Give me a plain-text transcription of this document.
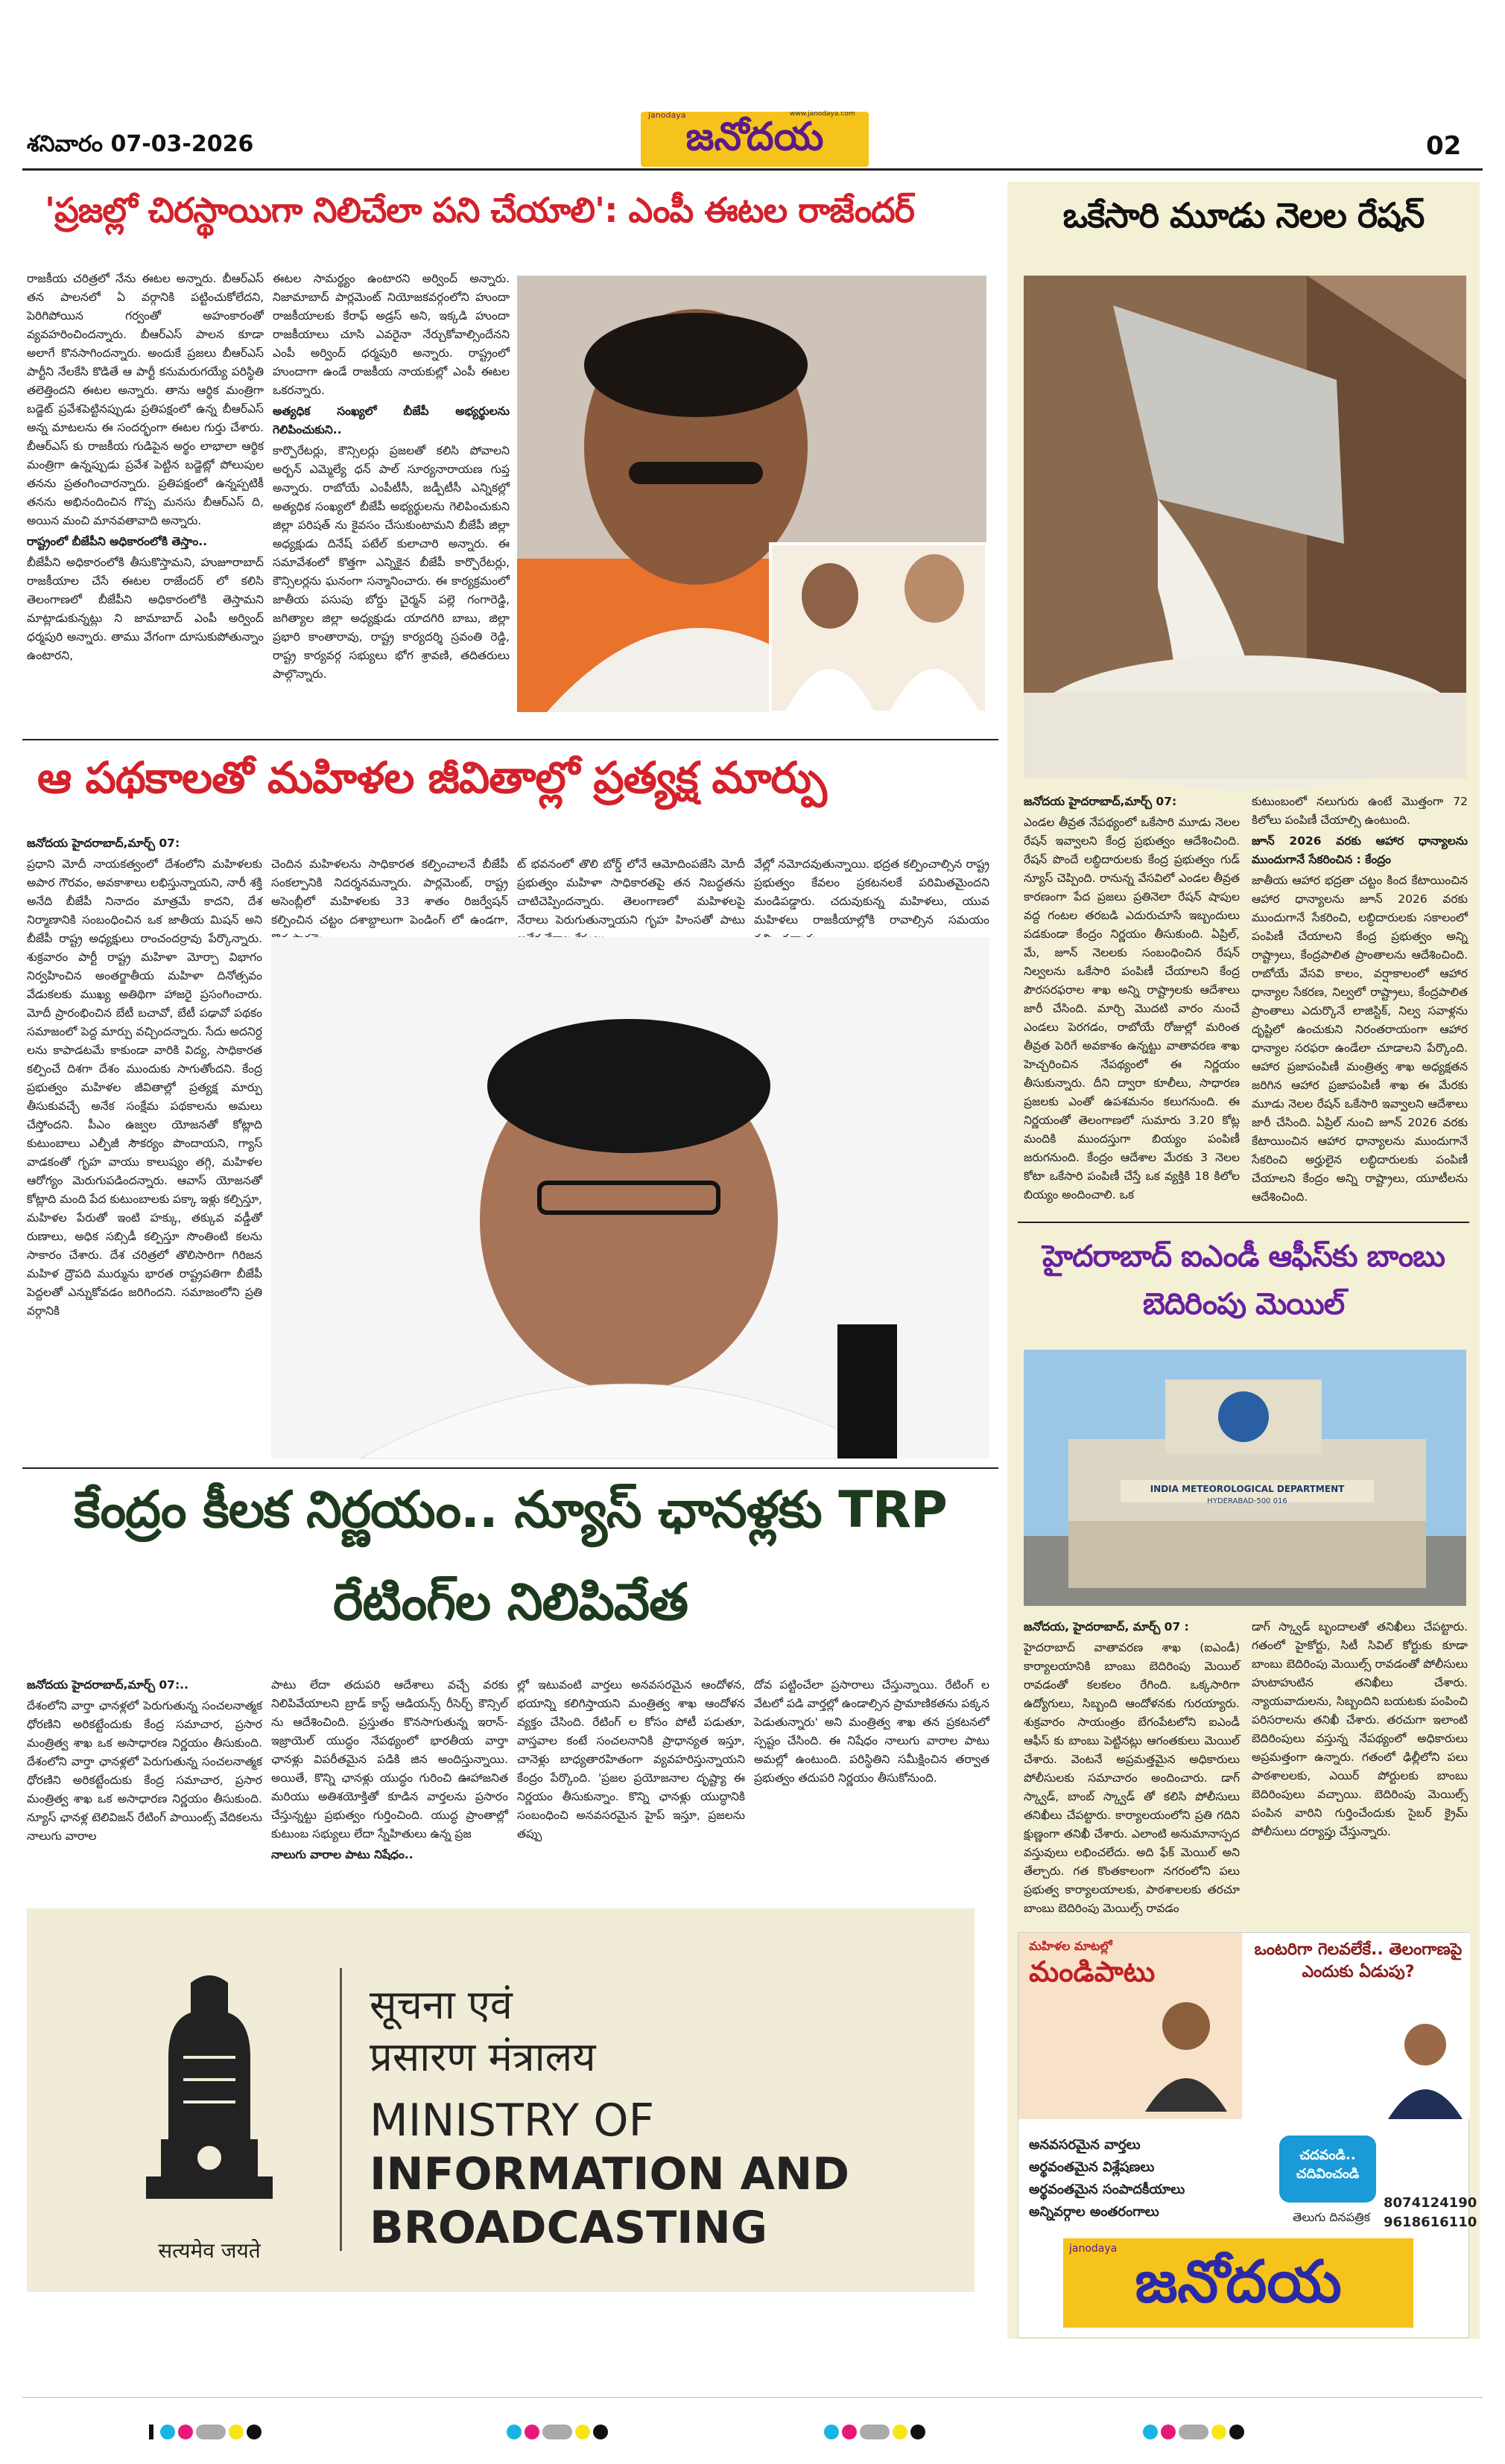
శనివారం 07-03-2026
janodaya	www.janodaya.com
జనోదయ	02
'ప్రజల్లో చిరస్థాయిగా నిలిచేలా పని చేయాలి': ఎంపీ ఈటల రాజేందర్

రాజకీయ చరిత్రలో నేను ఈటల అన్నారు. బీఆర్ఎస్ తన పాలనలో ఏ వర్గానికి పట్టించుకోలేదని, పెరిగిపోయిన గర్వంతో అహంకారంతో వ్యవహరించిందన్నారు. బీఆర్ఎస్ పాలన కూడా అలాగే కొనసాగిందన్నారు. అందుకే ప్రజలు బీఆర్ఎస్ పార్టీని నేలకేసి కొడితే ఆ పార్టీ కనుమరుగయ్యే పరిస్థితి తలెత్తిందని ఈటల అన్నారు. తాను ఆర్థిక మంత్రిగా బడ్జెట్ ప్రవేశపెట్టినప్పుడు ప్రతిపక్షంలో ఉన్న బీఆర్ఎస్ అన్న మాటలను ఈ సందర్భంగా ఈటల గుర్తు చేశారు. బీఆర్ఎస్ కు రాజకీయ గుడిపైన అర్థం లాభాలా ఆర్థిక మంత్రిగా ఉన్నప్పుడు ప్రవేశ పెట్టిన బడ్జెట్లో పోలుపుల తనను ప్రతంగించారన్నారు. ప్రతిపక్షంలో ఉన్నప్పటికీ తనను అభినందించిన గొప్ప మనసు బీఆర్ఎస్ ది, అయిన మంచి మానవతావాది అన్నారు.

రాష్ట్రంలో బీజేపీని అధికారంలోకి తెస్తాం..

బీజేపీని అధికారంలోకి తీసుకొస్తామని, హుజూరాబాద్ రాజకీయాల చేసే ఈటల రాజేందర్ లో కలిసి తెలంగాణలో బీజేపీని అధికారంలోకి తెస్తామని మాట్లాడుకున్నట్లు ని జామాబాద్ ఎంపీ అర్వింద్ ధర్మపురి అన్నారు. తాము వేగంగా దూసుకుపోతున్నాం ఉంటారని,

ఈటల సామర్థ్యం ఉంటారని అర్వింద్ అన్నారు. నిజామాబాద్ పార్లమెంట్ నియోజకవర్గంలోని హుందా రాజకీయాలకు కేరాఫ్ అడ్రస్ అని, ఇక్కడి హుందా రాజకీయాలు చూసి ఎవరైనా నేర్చుకోవాల్సిందేనని ఎంపీ అర్వింద్ ధర్మపురి అన్నారు. రాష్ట్రంలో హుందాగా ఉండే రాజకీయ నాయకుల్లో ఎంపీ ఈటల ఒకరన్నారు.

అత్యధిక సంఖ్యలో బీజేపీ అభ్యర్థులను గెలిపించుకుని..

కార్పొరేటర్లు, కౌన్సిలర్లు ప్రజలతో కలిసి పోవాలని అర్బన్ ఎమ్మెల్యే ధన్ పాల్ సూర్యనారాయణ గుప్త అన్నారు. రాబోయే ఎంపీటీసీ, జడ్పీటీసీ ఎన్నికల్లో అత్యధిక సంఖ్యలో బీజేపీ అభ్యర్థులను గెలిపించుకుని జిల్లా పరిషత్ ను కైవసం చేసుకుంటామని బీజేపీ జిల్లా అధ్యక్షుడు దినేష్ పటేల్ కులాచారి అన్నారు. ఈ సమావేశంలో కొత్తగా ఎన్నికైన బీజేపీ కార్పొరేటర్లు, కౌన్సిలర్లను ఘనంగా సన్మానించారు. ఈ కార్యక్రమంలో జాతీయ పసుపు బోర్డు చైర్మన్ పల్లె గంగారెడ్డి, జగిత్యాల జిల్లా అధ్యక్షుడు యాదగిరి బాబు, జిల్లా ప్రభారి కాంతారావు, రాష్ట్ర కార్యదర్శి స్రవంతి రెడ్డి, రాష్ట్ర కార్యవర్గ సభ్యులు భోగ శ్రావణి, తదితరులు పాల్గొన్నారు.

ఆ పథకాలతో మహిళల జీవితాల్లో ప్రత్యక్ష మార్పు

జనోదయ హైదరాబాద్,మార్చ్ 07:

ప్రధాని మోదీ నాయకత్వంలో దేశంలోని మహిళలకు అపార గౌరవం, అవకాశాలు లభిస్తున్నాయని, నారీ శక్తి అనేది బీజేపీ నినాదం మాత్రమే కాదని, దేశ నిర్మాణానికి సంబంధించిన ఒక జాతీయ మిషన్ అని బీజేపీ రాష్ట్ర అధ్యక్షులు రాంచందర్రావు పేర్కొన్నారు. శుక్రవారం పార్టీ రాష్ట్ర మహిళా మోర్చా విభాగం నిర్వహించిన అంతర్జాతీయ మహిళా దినోత్సవం వేడుకలకు ముఖ్య అతిథిగా హాజరై ప్రసంగించారు. మోదీ ప్రారంభించిన బేటీ బచావో, బేటీ పఢావో పథకం సమాజంలో పెద్ద మార్పు వచ్చిందన్నారు. సేదు అదనిర్ద లను కాపాడటమే కాకుండా వారికి విద్య, సాధికారత కల్పించే దిశగా దేశం ముందుకు సాగుతోందని. కేంద్ర ప్రభుత్వం మహిళల జీవితాల్లో ప్రత్యక్ష మార్పు తీసుకువచ్చే అనేక సంక్షేమ పథకాలను అమలు చేస్తోందని. పీఎం ఉజ్వల యోజనతో కోట్లాది కుటుంబాలు ఎల్పీజీ సౌకర్యం పొందాయని, గ్యాస్ వాడకంతో గృహ వాయు కాలుష్యం తగ్గి, మహిళల ఆరోగ్యం మెరుగుపడిందన్నారు. ఆవాస్ యోజనతో కోట్లాది మంది పేద కుటుంబాలకు పక్కా ఇళ్లు కల్పిస్తూ, మహిళల పేరుతో ఇంటి హక్కు, తక్కువ వడ్డీతో రుణాలు, అధిక సబ్సిడీ కల్పిస్తూ సొంతింటి కలను సాకారం చేశారు. దేశ చరిత్రలో తొలిసారిగా గిరిజన మహిళ ద్రౌపది ముర్మును భారత రాష్ట్రపతిగా బీజేపీ పెద్దలతో ఎన్నుకోవడం జరిగిందని. సమాజంలోని ప్రతి వర్గానికి

చెందిన మహిళలను సాధికారత కల్పించాలనే బీజేపీ సంకల్పానికి నిదర్శనమన్నారు. పార్లమెంట్, రాష్ట్ర అసెంబ్లీలో మహిళలకు 33 శాతం రిజర్వేషన్ కల్పించిన చట్టం దశాబ్దాలుగా పెండింగ్ లో ఉండగా,

ట్ భవనంలో తొలి బోర్డ్ లోనే ఆమోదింపజేసి మోదీ ప్రభుత్వం మహిళా సాధికారతపై తన నిబద్ధతను చాటిచెప్పిందన్నారు. తెలంగాణలో మహిళలపై నేరాలు పెరుగుతున్నాయని గృహ హింసతో పాటు

వేల్లో నమోదవుతున్నాయి. భద్రత కల్పించాల్సిన రాష్ట్ర ప్రభుత్వం కేవలం ప్రకటనలకే పరిమితమైందని మండిపడ్డారు. చదువుకున్న మహిళలు, యువ మహిళలు రాజకీయాల్లోకి రావాల్సిన సమయం

కేంద్రం కీలక నిర్ణయం.. న్యూస్ ఛానళ్లకు TRP
రేటింగ్‌ల నిలిపివేత

జనోదయ హైదరాబాద్,మార్చ్ 07:..

దేశంలోని వార్తా ఛానళ్లలో పెరుగుతున్న సంచలనాత్మక ధోరణిని అరికట్టేందుకు కేంద్ర సమాచార, ప్రసార మంత్రిత్వ శాఖ ఒక అసాధారణ నిర్ణయం తీసుకుంది. దేశంలోని వార్తా ఛానళ్లలో పెరుగుతున్న సంచలనాత్మక ధోరణిని అరికట్టేందుకు కేంద్ర సమాచార, ప్రసార మంత్రిత్వ శాఖ ఒక అసాధారణ నిర్ణయం తీసుకుంది. న్యూస్ ఛానళ్ల టెలివిజన్ రేటింగ్ పాయింట్స్ వేదికలను నాలుగు వారాల

పాటు లేదా తదుపరి ఆదేశాలు వచ్చే వరకు నిలిపివేయాలని బ్రాడ్ కాస్ట్ ఆడియన్స్ రీసెర్చ్ కౌన్సిల్ ను ఆదేశించింది. ప్రస్తుతం కొనసాగుతున్న ఇరాన్-ఇజ్రాయెల్ యుద్ధం నేపథ్యంలో భారతీయ వార్తా ఛానళ్లు విపరీతమైన పడికి జిన అందిస్తున్నాయి. అయితే, కొన్ని ఛానళ్లు యుద్ధం గురించి ఊహాజనిత మరియు అతిశయోక్తితో కూడిన వార్తలను ప్రసారం చేస్తున్నట్టు ప్రభుత్వం గుర్తించింది. యుద్ధ ప్రాంతాల్లో కుటుంబ సభ్యులు లేదా స్నేహితులు ఉన్న ప్రజ

నాలుగు వారాల పాటు నిషేధం..

ల్లో ఇటువంటి వార్తలు అనవసరమైన ఆందోళన, భయాన్ని కలిగిస్తాయని మంత్రిత్వ శాఖ ఆందోళన వ్యక్తం చేసింది. రేటింగ్ ల కోసం పోటీ పడుతూ, వాస్తవాల కంటే సంచలనానికి ప్రాధాన్యత ఇస్తూ, చానెళ్లు బాధ్యతారహితంగా వ్యవహరిస్తున్నాయని కేంద్రం పేర్కొంది. 'ప్రజల ప్రయోజనాల దృష్ట్యా ఈ నిర్ణయం తీసుకున్నాం. కొన్ని ఛానళ్లు యుద్ధానికి సంబంధించి అనవసరమైన హైప్ ఇస్తూ, ప్రజలను తప్పు

దోవ పట్టించేలా ప్రసారాలు చేస్తున్నాయి. రేటింగ్ ల వేటలో పడి వార్తల్లో ఉండాల్సిన ప్రామాణికతను పక్కన పెడుతున్నారు' అని మంత్రిత్వ శాఖ తన ప్రకటనలో స్పష్టం చేసింది. ఈ నిషేధం నాలుగు వారాల పాటు అమల్లో ఉంటుంది. పరిస్థితిని సమీక్షించిన తర్వాత ప్రభుత్వం తదుపరి నిర్ణయం తీసుకోనుంది.

सत्यमेव जयते
सूचना एवं
प्रसारण मंत्रालय
MINISTRY OF
INFORMATION AND
BROADCASTING
ఒకేసారి మూడు నెలల రేషన్

జనోదయ హైదరాబాద్,మార్చ్ 07:

ఎండల తీవ్రత నేపథ్యంలో ఒకేసారి మూడు నెలల రేషన్ ఇవ్వాలని కేంద్ర ప్రభుత్వం ఆదేశించింది. రేషన్ పొందే లబ్ధిదారులకు కేంద్ర ప్రభుత్వం గుడ్ న్యూస్ చెప్పింది. రానున్న వేసవిలో ఎండల తీవ్రత కారణంగా పేద ప్రజలు ప్రతినెలా రేషన్ షాపుల వద్ద గంటల తరబడి ఎదురుచూసే ఇబ్బందులు పడకుండా కేంద్రం నిర్ణయం తీసుకుంది. ఏప్రిల్, మే, జూన్ నెలలకు సంబంధించిన రేషన్ నిల్వలను ఒకేసారి పంపిణీ చేయాలని కేంద్ర పౌరసరఫరాల శాఖ అన్ని రాష్ట్రాలకు ఆదేశాలు జారీ చేసింది. మార్చి మొదటి వారం నుంచే ఎండలు పెరగడం, రాబోయే రోజుల్లో మరింత తీవ్రత పెరిగే అవకాశం ఉన్నట్టు వాతావరణ శాఖ హెచ్చరించిన నేపథ్యంలో ఈ నిర్ణయం తీసుకున్నారు. దీని ద్వారా కూలీలు, సాధారణ ప్రజలకు ఎంతో ఉపశమనం కలుగనుంది. ఈ నిర్ణయంతో తెలంగాణలో సుమారు 3.20 కోట్ల మందికి ముందస్తుగా బియ్యం పంపిణీ జరుగనుంది. కేంద్రం ఆదేశాల మేరకు 3 నెలల కోటా ఒకేసారి పంపిణీ చేస్తే ఒక వ్యక్తికి 18 కిలోల బియ్యం అందించాలి. ఒక

కుటుంబంలో నలుగురు ఉంటే మొత్తంగా 72 కిలోలు పంపిణీ చేయాల్సి ఉంటుంది.

జూన్ 2026 వరకు ఆహార ధాన్యాలను ముందుగానే సేకరించిన : కేంద్రం

జాతీయ ఆహార భద్రతా చట్టం కింద కేటాయించిన ఆహార ధాన్యాలను జూన్ 2026 వరకు ముందుగానే సేకరించి, లబ్ధిదారులకు సకాలంలో పంపిణీ చేయాలని కేంద్ర ప్రభుత్వం అన్ని రాష్ట్రాలు, కేంద్రపాలిత ప్రాంతాలను ఆదేశించింది. రాబోయే వేసవి కాలం, వర్షాకాలంలో ఆహార ధాన్యాల సేకరణ, నిల్వలో రాష్ట్రాలు, కేంద్రపాలిత ప్రాంతాలు ఎదుర్కొనే లాజిస్టిక్, నిల్వ సవాళ్లను దృష్టిలో ఉంచుకుని నిరంతరాయంగా ఆహార ధాన్యాల సరఫరా ఉండేలా చూడాలని పేర్కొంది. ఆహార ప్రజాపంపిణీ మంత్రిత్వ శాఖ అధ్యక్షతన జరిగిన ఆహార ప్రజాపంపిణీ శాఖ ఈ మేరకు మూడు నెలల రేషన్ ఒకేసారి ఇవ్వాలని ఆదేశాలు జారీ చేసింది. ఏప్రిల్ నుంచి జూన్ 2026 వరకు కేటాయించిన ఆహార ధాన్యాలను ముందుగానే సేకరించి అర్హులైన లబ్ధిదారులకు పంపిణీ చేయాలని కేంద్రం అన్ని రాష్ట్రాలు, యూటీలను ఆదేశించింది.

హైదరాబాద్ ఐఎండీ ఆఫీస్‌కు బాంబు
బెదిరింపు మెయిల్
INDIA METEOROLOGICAL DEPARTMENT
HYDERABAD-500 016

జనోదయ, హైదరాబాద్, మార్చ్ 07 :

హైదరాబాద్ వాతావరణ శాఖ (ఐఎండీ) కార్యాలయానికి బాంబు బెదిరింపు మెయిల్ రావడంతో కలకలం రేగింది. ఒక్కసారిగా ఉద్యోగులు, సిబ్బంది ఆందోళనకు గురయ్యారు. శుక్రవారం సాయంత్రం బేగంపేటలోని ఐఎండీ ఆఫీస్ కు బాంబు పెట్టినట్లు ఆగంతకులు మెయిల్ చేశారు. వెంటనే అప్రమత్తమైన అధికారులు పోలీసులకు సమాచారం అందించారు. డాగ్ స్క్వాడ్, బాంబ్ స్క్వాడ్ తో కలిసి పోలీసులు తనిఖీలు చేపట్టారు. కార్యాలయంలోని ప్రతి గదిని క్షుణ్ణంగా తనిఖీ చేశారు. ఎలాంటి అనుమానాస్పద వస్తువులు లభించలేదు. అది ఫేక్ మెయిల్ అని తేల్చారు. గత కొంతకాలంగా నగరంలోని పలు ప్రభుత్వ కార్యాలయాలకు, పాఠశాలలకు తరచూ బాంబు బెదిరింపు మెయిల్స్ రావడం

డాగ్ స్క్వాడ్ బృందాలతో తనిఖీలు చేపట్టారు. గతంలో హైకోర్టు, సిటీ సివిల్ కోర్టుకు కూడా బాంబు బెదిరింపు మెయిల్స్ రావడంతో పోలీసులు హుటాహుటిన తనిఖీలు చేశారు. న్యాయవాదులను, సిబ్బందిని బయటకు పంపించి పరిసరాలను తనిఖీ చేశారు. తరచుగా ఇలాంటి బెదిరింపులు వస్తున్న నేపథ్యంలో అధికారులు అప్రమత్తంగా ఉన్నారు. గతంలో ఢిల్లీలోని పలు పాఠశాలలకు, ఎయిర్ పోర్టులకు బాంబు బెదిరింపులు వచ్చాయి. బెదిరింపు మెయిల్స్ పంపిన వారిని గుర్తించేందుకు సైబర్ క్రైమ్ పోలీసులు దర్యాప్తు చేస్తున్నారు.

మహిళల మాటల్లో
మండిపాటు
ఒంటరిగా గెలవలేకే.. తెలంగాణపై ఎందుకు ఏడుపు?
అనవసరమైన వార్తలు
అర్థవంతమైన విశ్లేషణలు
అర్థవంతమైన సంపాదకీయాలు
అన్నివర్గాల అంతరంగాలు
చదవండి..
చదివించండి
తెలుగు దినపత్రిక
8074124190
9618616110
janodaya జనోదయ
